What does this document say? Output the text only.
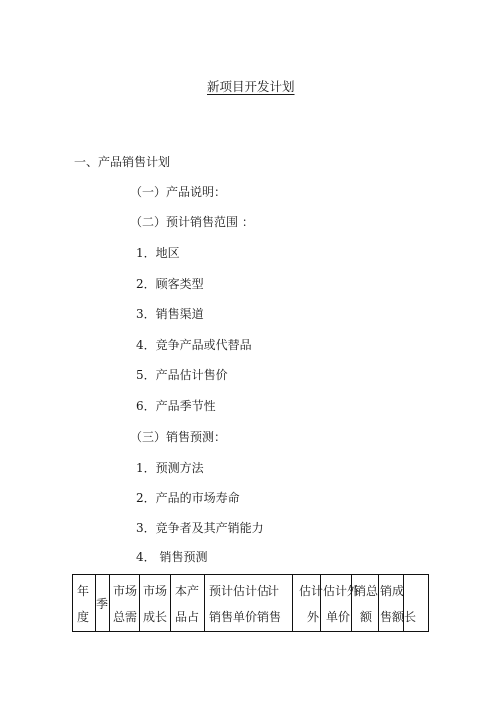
新项目开发计划
一、产品销售计划
（一）产品说明：
（二）预计销售范围 ：
1．地区
2．顾客类型
3．销售渠道
4．竞争产品或代替品
5．产品估计售价
6．产品季节性
（三）销售预测：
1．预测方法
2．产品的市场寿命
3．竞争者及其产销能力
4． 销售预测
年
度
季
市场
总需
市场
成长
本产
品占
预计估计估
销售单价销售
计 估计估计外
外 单价
销总
额
销成
售额长
